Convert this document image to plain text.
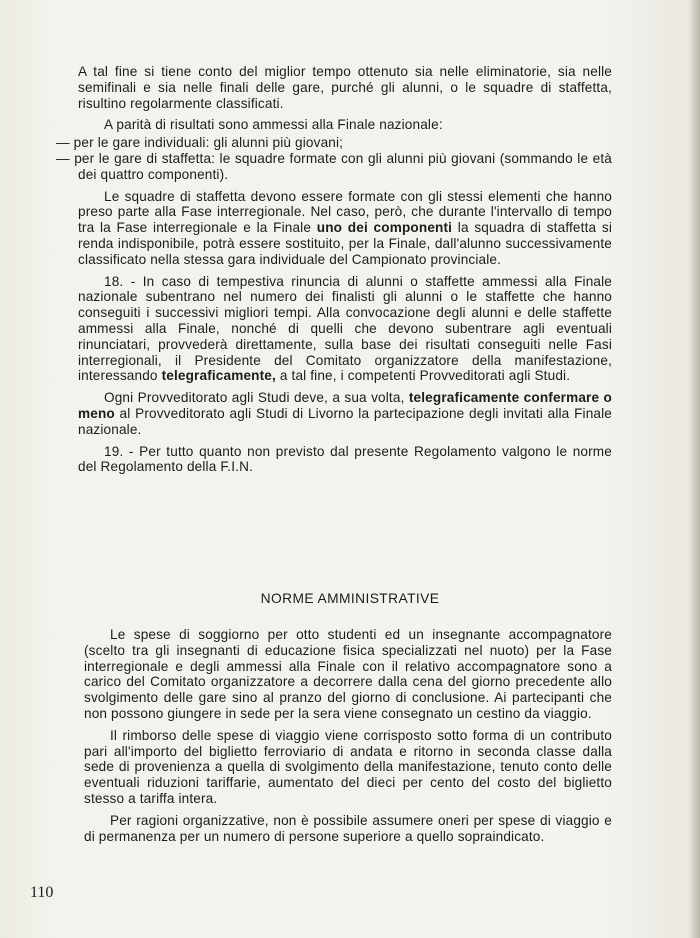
A tal fine si tiene conto del miglior tempo ottenuto sia nelle eliminatorie, sia nelle semifinali e sia nelle finali delle gare, purché gli alunni, o le squadre di staffetta, risultino regolarmente classificati.

A parità di risultati sono ammessi alla Finale nazionale:

— per le gare individuali: gli alunni più giovani;
— per le gare di staffetta: le squadre formate con gli alunni più giovani (sommando le età dei quattro componenti).

Le squadre di staffetta devono essere formate con gli stessi elementi che hanno preso parte alla Fase interregionale. Nel caso, però, che durante l'intervallo di tempo tra la Fase interregionale e la Finale uno dei componenti la squadra di staffetta si renda indisponibile, potrà essere sostituito, per la Finale, dall'alunno successivamente classificato nella stessa gara individuale del Campionato provinciale.

18. - In caso di tempestiva rinuncia di alunni o staffette ammessi alla Finale nazionale subentrano nel numero dei finalisti gli alunni o le staffette che hanno conseguiti i successivi migliori tempi. Alla convocazione degli alunni e delle staffette ammessi alla Finale, nonché di quelli che devono subentrare agli eventuali rinunciatari, provvederà direttamente, sulla base dei risultati conseguiti nelle Fasi interregionali, il Presidente del Comitato organizzatore della manifestazione, interessando telegraficamente, a tal fine, i competenti Provveditorati agli Studi.

Ogni Provveditorato agli Studi deve, a sua volta, telegraficamente confermare o meno al Provveditorato agli Studi di Livorno la partecipazione degli invitati alla Finale nazionale.

19. - Per tutto quanto non previsto dal presente Regolamento valgono le norme del Regolamento della F.I.N.

NORME AMMINISTRATIVE

Le spese di soggiorno per otto studenti ed un insegnante accompagnatore (scelto tra gli insegnanti di educazione fisica specializzati nel nuoto) per la Fase interregionale e degli ammessi alla Finale con il relativo accompagnatore sono a carico del Comitato organizzatore a decorrere dalla cena del giorno precedente allo svolgimento delle gare sino al pranzo del giorno di conclusione. Ai partecipanti che non possono giungere in sede per la sera viene consegnato un cestino da viaggio.

Il rimborso delle spese di viaggio viene corrisposto sotto forma di un contributo pari all'importo del biglietto ferroviario di andata e ritorno in seconda classe dalla sede di provenienza a quella di svolgimento della manifestazione, tenuto conto delle eventuali riduzioni tariffarie, aumentato del dieci per cento del costo del biglietto stesso a tariffa intera.

Per ragioni organizzative, non è possibile assumere oneri per spese di viaggio e di permanenza per un numero di persone superiore a quello sopraindicato.

110
